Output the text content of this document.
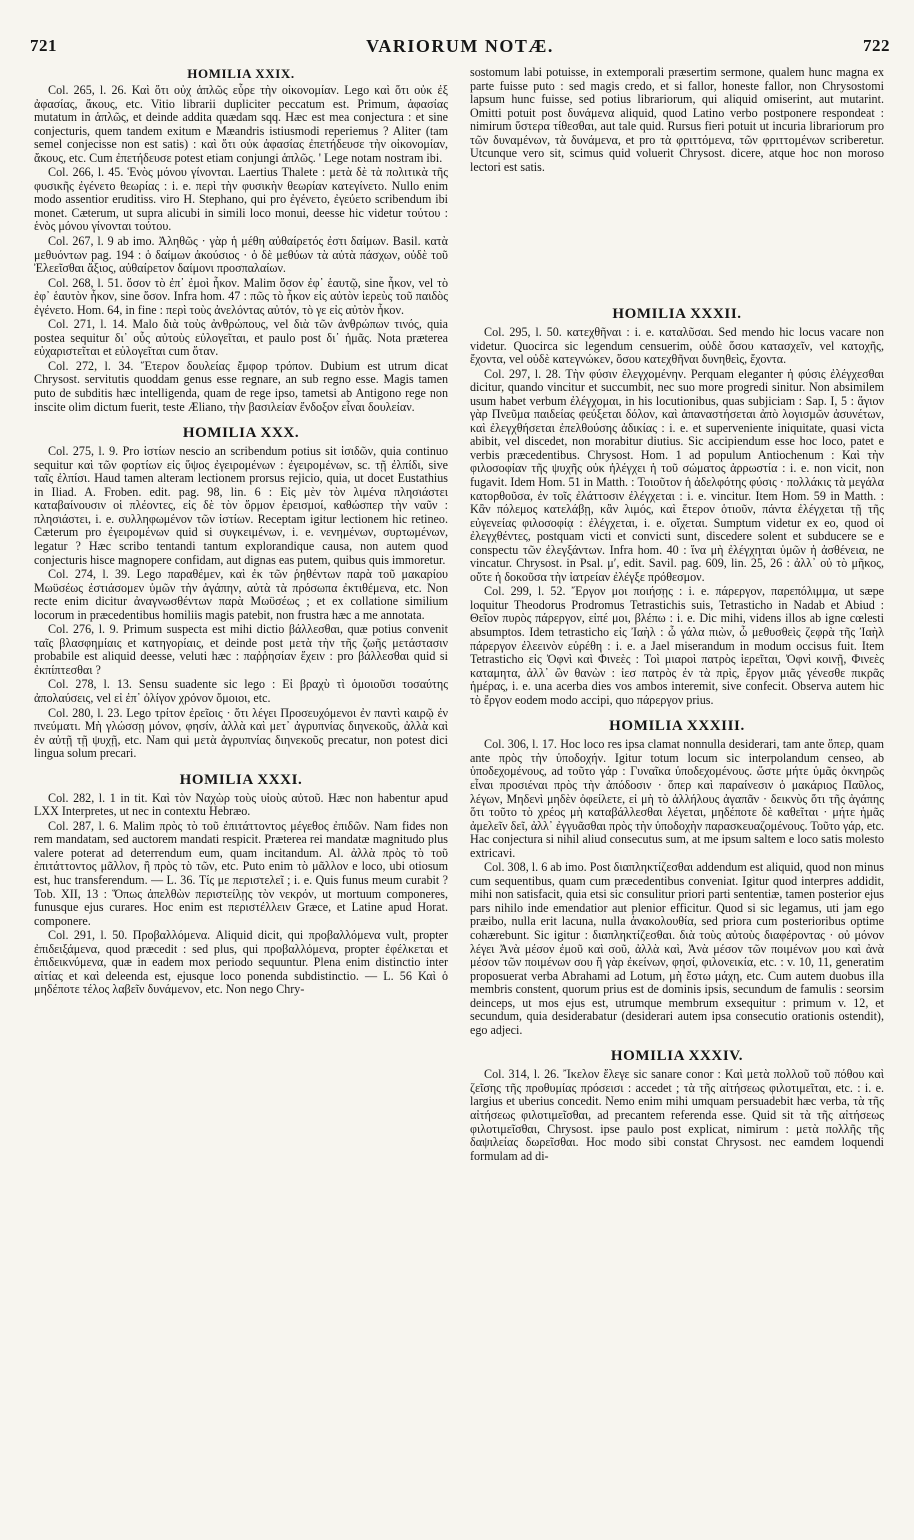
721	VARIORUM NOTÆ.	722
HOMILIA XXIX.

Col. 265, l. 26. Καὶ ὅτι οὐχ ἁπλῶς εὗρε τὴν οἰκονομίαν. Lego καὶ ὅτι οὐκ ἐξ ἀφασίας, ἄκους, etc. Vitio librarii dupliciter peccatum est. Primum, ἀφασίας mutatum in ἁπλῶς, et deinde addita quædam sqq. Hæc est mea conjectura : et sine conjecturis, quem tandem exitum e Mæandris istiusmodi reperiemus ? Aliter (tam semel conjecisse non est satis) : καὶ ὅτι οὐκ ἀφασίας ἐπετήδευσε τὴν οἰκονομίαν, ἄκους, etc. Cum ἐπετήδευσε potest etiam conjungi ἁπλῶς. ' Lege notam nostram ibi.

Col. 266, l. 45. Ἑνὸς μόνου γίνονται. Laertius Thalete : μετὰ δὲ τὰ πολιτικὰ τῆς φυσικῆς ἐγένετο θεωρίας : i. e. περὶ τὴν φυσικὴν θεωρίαν κατεγίνετο. Nullo enim modo assentior eruditiss. viro H. Stephano, qui pro ἐγένετο, ἐγεύετο scribendum ibi monet. Cæterum, ut supra alicubi in simili loco monui, deesse hic videtur τούτου : ἑνὸς μόνου γίνονται τούτου.

Col. 267, l. 9 ab imo. Ἀληθῶς · γὰρ ἡ μέθη αὐθαίρετός ἐστι δαίμων. Basil. κατὰ μεθυόντων pag. 194 : ὁ δαίμων ἀκούσιος · ὁ δὲ μεθύων τὰ αὐτὰ πάσχων, οὐδὲ τοῦ Ἐλεεῖσθαι ἄξιος, αὐθαίρετον δαίμονι προσπαλαίων.

Col. 268, l. 51. ὅσον τὸ ἐπ᾽ ἐμοὶ ἧκον. Malim ὅσον ἐφ᾽ ἑαυτῷ, sine ἧκον, vel τὸ ἐφ᾽ ἑαυτὸν ἧκον, sine ὅσον. Infra hom. 47 : πῶς τὸ ἧκον εἰς αὐτὸν ἱερεὺς τοῦ παιδὸς ἐγένετο. Hom. 64, in fine : περὶ τοὺς ἀνελόντας αὐτόν, τὸ γε εἰς αὐτὸν ἧκον.

Col. 271, l. 14. Malo διὰ τοὺς ἀνθρώπους, vel διὰ τῶν ἀνθρώπων τινός, quia postea sequitur δι᾽ οὗς αὐτοὺς εὐλογεῖται, et paulo post δι᾽ ἡμᾶς. Nota præterea εὐχαριστεῖται et εὐλογεῖται cum ὅταν.

Col. 272, l. 34. Ἕτερον δουλείας ἔμφορ τρόπον. Dubium est utrum dicat Chrysost. servitutis quoddam genus esse regnare, an sub regno esse. Magis tamen puto de subditis hæc intelligenda, quam de rege ipso, tametsi ab Antigono rege non inscite olim dictum fuerit, teste Æliano, τὴν βασιλείαν ἔνδοξον εἶναι δουλείαν.

HOMILIA XXX.

Col. 275, l. 9. Pro ἱστίων nescio an scribendum potius sit ἱσιδῶν, quia continuo sequitur καὶ τῶν φορτίων εἰς ὕψος ἐγειρομένων : ἐγειρομένων, sc. τῇ ἐλπίδι, sive ταῖς ἐλπίσι. Haud tamen alteram lectionem prorsus rejicio, quia, ut docet Eustathius in Iliad. A. Froben. edit. pag. 98, lin. 6 : Εἰς μὲν τὸν λιμένα πλησιάστει καταβαίνουσιν οἱ πλέοντες, εἰς δὲ τὸν ὅρμον ἑρεισμοί, καθώσπερ τὴν ναῦν : πλησιάστει, i. e. συλληφωμένον τῶν ἱστίων. Receptam igitur lectionem hic retineo. Cæterum pro ἐγειρομένων quid si συγκειμένων, i. e. νενημένων, συρτωμένων, legatur ? Hæc scribo tentandi tantum explorandique causa, non autem quod conjecturis hisce magnopere confidam, aut dignas eas putem, quibus quis immoretur.

Col. 274, l. 39. Lego παραθέμεν, καὶ ἐκ τῶν ῥηθέντων παρὰ τοῦ μακαρίου Μωϋσέως ἐστιάσομεν ὑμῶν τὴν ἀγάπην, αὐτὰ τὰ πρόσωπα ἐκτιθέμενα, etc. Non recte enim dicitur ἀναγνωσθέντων παρὰ Μωϋσέως ; et ex collatione similium locorum in præcedentibus homiliis magis patebit, non frustra hæc a me annotata.

Col. 276, l. 9. Primum suspecta est mihi dictio βάλλεσθαι, quæ potius convenit ταῖς βλασφημίαις et κατηγορίαις, et deinde post μετὰ τὴν τῆς ζωῆς μετάστασιν probabile est aliquid deesse, veluti hæc : παῤῥησίαν ἔχειν : pro βάλλεσθαι quid si ἐκπίπτεσθαι ?

Col. 278, l. 13. Sensu suadente sic lego : Εἰ βραχὺ τὶ ὁμοιοῦσι τοσαύτης ἀπολαύσεις, vel εἰ ἐπ᾽ ὀλίγον χρόνον ὅμοιοι, etc.

Col. 280, l. 23. Lego τρίτον ἐρεῖοις · ὅτι λέγει Προσευχόμενοι ἐν παντὶ καιρῷ ἐν πνεύματι. Μὴ γλώσσῃ μόνον, φησίν, ἀλλὰ καὶ μετ᾽ ἀγρυπνίας διηνεκοῦς, ἀλλὰ καὶ ἐν αὐτῇ τῇ ψυχῇ, etc. Nam qui μετὰ ἀγρυπνίας διηνεκοῦς precatur, non potest dici lingua solum precari.

HOMILIA XXXI.

Col. 282, l. 1 in tit. Καὶ τὸν Ναχὼρ τοὺς υἱοὺς αὐτοῦ. Hæc non habentur apud LXX Interpretes, ut nec in contextu Hebræo.

Col. 287, l. 6. Malim πρὸς τὸ τοῦ ἐπιτάττοντος μέγεθος ἐπιδῶν. Nam fides non rem mandatam, sed auctorem mandati respicit. Præterea rei mandatæ magnitudo plus valere poterat ad deterrendum eum, quam incitandum. Al. ἀλλὰ πρὸς τὸ τοῦ ἐπιτάττοντος μᾶλλον, ἢ πρὸς τὸ τῶν, etc. Puto enim τὸ μᾶλλον e loco, ubi otiosum est, huc transferendum. — L. 36. Τίς με περιστελεῖ ; i. e. Quis funus meum curabit ? Tob. XII, 13 : Ὅπως ἀπελθὼν περιστείλῃς τὸν νεκρόν, ut mortuum componeres, funusque ejus curares. Hoc enim est περιστέλλειν Græce, et Latine apud Horat. componere.

Col. 291, l. 50. Προβαλλόμενα. Aliquid dicit, qui προβαλλόμενα vult, propter ἐπιδειξάμενα, quod præcedit : sed plus, qui προβαλλόμενα, propter ἐφέλκεται et ἐπιδεικνύμενα, quæ in eadem mox periodo sequuntur. Plena enim distinctio inter αἰτίας et καὶ deleenda est, ejusque loco ponenda subdistinctio. — L. 56 Καὶ ὁ μηδέποτε τέλος λαβεῖν δυνάμενον, etc. Non nego Chry-

sostomum labi potuisse, in extemporali præsertim sermone, qualem hunc magna ex parte fuisse puto : sed magis credo, et si fallor, honeste fallor, non Chrysostomi lapsum hunc fuisse, sed potius librariorum, qui aliquid omiserint, aut mutarint. Omitti potuit post δυνάμενα aliquid, quod Latino verbo postponere respondeat : nimirum ὕστερα τίθεσθαι, aut tale quid. Rursus fieri potuit ut incuria librariorum pro τῶν δυναμένων, τὰ δυνάμενα, et pro τὰ φριττόμενα, τῶν φριττομένων scriberetur. Utcunque vero sit, scimus quid voluerit Chrysost. dicere, atque hoc non moroso lectori est satis.

HOMILIA XXXII.

Col. 295, l. 50. κατεχθῆναι : i. e. καταλῦσαι. Sed mendo hic locus vacare non videtur. Quocirca sic legendum censuerim, οὐδὲ ὅσου κατασχεῖν, vel κατοχῆς, ἔχοντα, vel οὐδὲ κατεγνώκεν, ὅσου κατεχθῆναι δυνηθεὶς, ἔχοντα.

Col. 297, l. 28. Τὴν φύσιν ἐλεγχομένην. Perquam eleganter ἡ φύσις ἐλέγχεσθαι dicitur, quando vincitur et succumbit, nec suo more progredi sinitur. Non absimilem usum habet verbum ἐλέγχομαι, in his locutionibus, quas subjiciam : Sap. I, 5 : ἅγιον γὰρ Πνεῦμα παιδείας φεύξεται δόλον, καὶ ἀπαναστήσεται ἀπὸ λογισμῶν ἀσυνέτων, καὶ ἐλεγχθήσεται ἐπελθούσης ἀδικίας : i. e. et superveniente iniquitate, quasi victa abibit, vel discedet, non morabitur diutius. Sic accipiendum esse hoc loco, patet e verbis præcedentibus. Chrysost. Hom. 1 ad populum Antiochenum : Καὶ τὴν φιλοσοφίαν τῆς ψυχῆς οὐκ ἠλέγχει ἡ τοῦ σώματος ἀρρωστία : i. e. non vicit, non fugavit. Idem Hom. 51 in Matth. : Τοιοῦτον ἡ ἀδελφότης φύσις · πολλάκις τὰ μεγάλα κατορθοῦσα, ἐν τοῖς ἐλάττοσιν ἐλέγχεται : i. e. vincitur. Item Hom. 59 in Matth. : Κἂν πόλεμος κατελάβῃ, κἂν λιμός, καὶ ἕτερον ὁτιοῦν, πάντα ἐλέγχεται τῇ τῆς εὐγενείας φιλοσοφίᾳ : ἐλέγχεται, i. e. οἴχεται. Sumptum videtur ex eo, quod οἱ ἐλεγχθέντες, postquam victi et convicti sunt, discedere solent et subducere se e conspectu τῶν ἐλεγξάντων. Infra hom. 40 : ἵνα μὴ ἐλέγχηται ὑμῶν ἡ ἀσθένεια, ne vincatur. Chrysost. in Psal. μʹ, edit. Savil. pag. 609, lin. 25, 26 : ἀλλ᾽ οὐ τὸ μῆκος, οὔτε ἡ δοκοῦσα τὴν ἰατρείαν ἐλέγξε πρόθεσμον.

Col. 299, l. 52. Ἔργον μοι ποιήσῃς : i. e. πάρεργον, παρεπόλιμμα, ut sæpe loquitur Theodorus Prodromus Tetrastichis suis, Tetrasticho in Nadab et Abiud : Θεῖον πυρὸς πάρεργον, εἰπέ μοι, βλέπω : i. e. Dic mihi, videns illos ab igne cœlesti absumptos. Idem tetrasticho εἰς Ἰαὴλ : ὦ γάλα πιὼν, ὦ μεθυσθεὶς ζεφρὰ τῆς Ἰαὴλ πάρεργον ἐλεεινὸν εὑρέθη : i. e. a Jael miserandum in modum occisus fuit. Item Tetrasticho εἰς Ὀφνὶ καὶ Φινεὲς : Τοὶ μιαροὶ πατρὸς ἱερεῖται, Ὀφνὶ κοινῇ, Φινεὲς καταμητα, ἀλλ᾽ ὢν θανὼν : ἰεσ πατρὸς ἐν τὰ πρὶς, ἔργον μιᾶς γένεσθε πικρᾶς ἡμέρας, i. e. una acerba dies vos ambos interemit, sive confecit. Observa autem hic τὸ ἔργον eodem modo accipi, quo πάρεργον prius.

HOMILIA XXXIII.

Col. 306, l. 17. Hoc loco res ipsa clamat nonnulla desiderari, tam ante ὅπερ, quam ante πρὸς τὴν ὑποδοχήν. Igitur totum locum sic interpolandum censeo, ab ὑποδεχομένους, ad τοῦτο γάρ : Γυναῖκα ὑποδεχομένους. ὥστε μήτε ὑμᾶς ὀκνηρῶς εἶναι προσιέναι πρὸς τὴν ἀπόδοσιν · ὅπερ καὶ παραίνεσιν ὁ μακάριος Παῦλος, λέγων, Μηδενὶ μηδὲν ὀφείλετε, εἰ μὴ τὸ ἀλλήλους ἀγαπᾶν · δεικνὺς ὅτι τῆς ἀγάπης ὅτι τοῦτο τὸ χρέος μὴ καταβάλλεσθαι λέγεται, μηδέποτε δὲ καθεῖται · μήτε ἡμᾶς ἀμελεῖν δεῖ, ἀλλ᾽ ἐγγυᾶσθαι πρὸς τὴν ὑποδοχὴν παρασκευαζομένους. Τοῦτο γάρ, etc. Hac conjectura si nihil aliud consecutus sum, at me ipsum saltem e loco satis molesto extricavi.

Col. 308, l. 6 ab imo. Post διαπληκτίζεσθαι addendum est aliquid, quod non minus cum sequentibus, quam cum præcedentibus conveniat. Igitur quod interpres addidit, mihi non satisfacit, quia etsi sic consulitur priori parti sententiæ, tamen posterior ejus pars nihilo inde emendatior aut plenior efficitur. Quod si sic legamus, uti jam ego præibo, nulla erit lacuna, nulla ἀνακολουθία, sed priora cum posterioribus optime cohærebunt. Sic igitur : διαπληκτίζεσθαι. διὰ τοὺς αὐτοὺς διαφέροντας · οὐ μόνον λέγει Ἀνὰ μέσον ἐμοῦ καὶ σοῦ, ἀλλὰ καὶ, Ἀνὰ μέσον τῶν ποιμένων μου καὶ ἀνὰ μέσον τῶν ποιμένων σου ἢ γὰρ ἐκείνων, φησί, φιλονεικία, etc. : v. 10, 11, generatim proposuerat verba Abrahami ad Lotum, μὴ ἔστω μάχη, etc. Cum autem duobus illa membris constent, quorum prius est de dominis ipsis, secundum de famulis : seorsim deinceps, ut mos ejus est, utrumque membrum exsequitur : primum v. 12, et secundum, quia desiderabatur (desiderari autem ipsa consecutio orationis ostendit), ego adjeci.

HOMILIA XXXIV.

Col. 314, l. 26. Ἴκελον ἔλεγε sic sanare conor : Καὶ μετὰ πολλοῦ τοῦ πόθου καὶ ζεῖσης τῆς προθυμίας πρόσεισι : accedet ; τὰ τῆς αἰτήσεως φιλοτιμεῖται, etc. : i. e. largius et uberius concedit. Nemo enim mihi umquam persuadebit hæc verba, τὰ τῆς αἰτήσεως φιλοτιμεῖσθαι, ad precantem referenda esse. Quid sit τὰ τῆς αἰτήσεως φιλοτιμεῖσθαι, Chrysost. ipse paulo post explicat, nimirum : μετὰ πολλῆς τῆς δαψιλείας δωρεῖσθαι. Hoc modo sibi constat Chrysost. nec eamdem loquendi formulam ad di-
